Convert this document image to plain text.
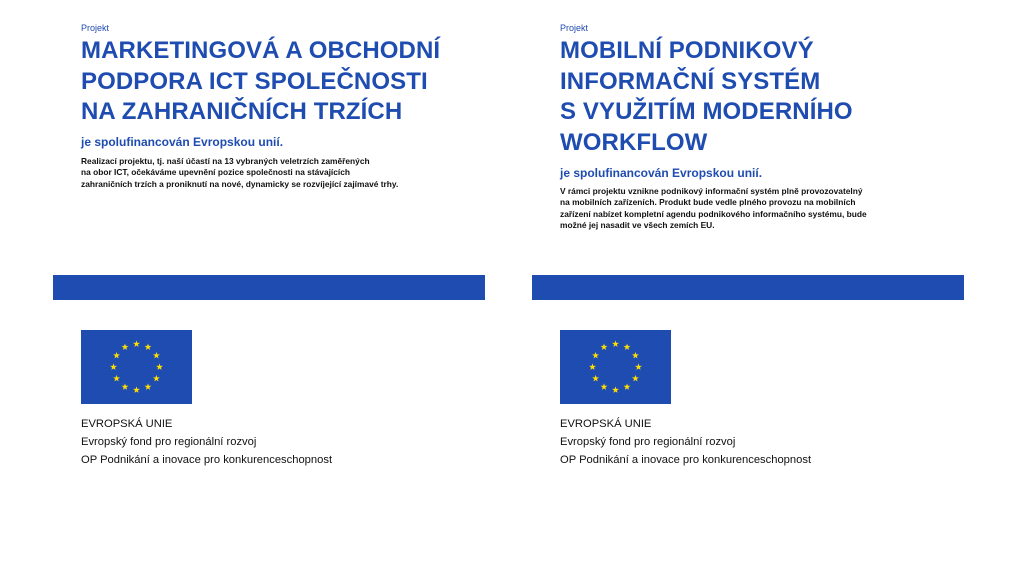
Projekt
MARKETINGOVÁ A OBCHODNÍ
PODPORA ICT SPOLEČNOSTI
NA ZAHRANIČNÍCH TRZÍCH
je spolufinancován Evropskou unií.

Realizací projektu, tj. naší účastí na 13 vybraných veletrzích zaměřených
na obor ICT, očekáváme upevnění pozice společnosti na stávajících
zahraničních trzích a proniknutí na nové, dynamicky se rozvíjející zajímavé trhy.

EVROPSKÁ UNIE
Evropský fond pro regionální rozvoj
OP Podnikání a inovace pro konkurenceschopnost
Projekt
MOBILNÍ PODNIKOVÝ
INFORMAČNÍ SYSTÉM
S VYUŽITÍM MODERNÍHO
WORKFLOW
je spolufinancován Evropskou unií.

V rámci projektu vznikne podnikový informační systém plně provozovatelný
na mobilních zařízeních. Produkt bude vedle plného provozu na mobilních
zařízení nabízet kompletní agendu podnikového informačního systému, bude
možné jej nasadit ve všech zemích EU.

EVROPSKÁ UNIE
Evropský fond pro regionální rozvoj
OP Podnikání a inovace pro konkurenceschopnost
